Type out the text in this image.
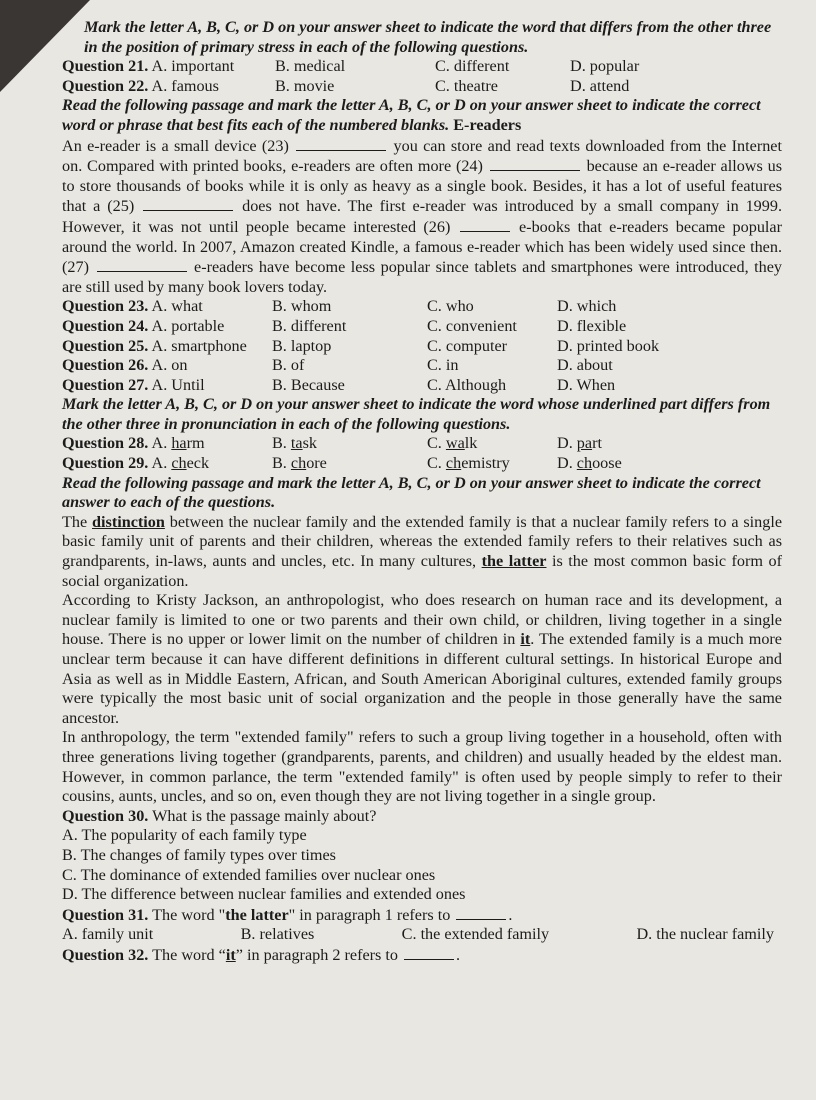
Mark the letter A, B, C, or D on your answer sheet to indicate the word that differs from the other three in the position of primary stress in each of the following questions.
Question 21. A. important	B. medical	C. different	D. popular
Question 22. A. famous	B. movie	C. theatre	D. attend
Read the following passage and mark the letter A, B, C, or D on your answer sheet to indicate the correct word or phrase that best fits each of the numbered blanks. E-readers

An e-reader is a small device (23)	you can store and read texts downloaded from the Internet on. Compared with printed books, e-readers are often more (24)	because an e-reader allows us to store thousands of books while it is only as heavy as a single book. Besides, it has a lot of useful features that a (25)	does not have. The first e-reader was introduced by a small company in 1999. However, it was not until people became interested (26)	e-books that e-readers became popular around the world. In 2007, Amazon created Kindle, a famous e-reader which has been widely used since then. (27)	e-readers have become less popular since tablets and smartphones were introduced, they are still used by many book lovers today.

Question 23. A. what	B. whom	C. who	D. which
Question 24. A. portable	B. different	C. convenient	D. flexible
Question 25. A. smartphone	B. laptop	C. computer	D. printed book
Question 26. A. on	B. of	C. in	D. about
Question 27. A. Until	B. Because	C. Although	D. When
Mark the letter A, B, C, or D on your answer sheet to indicate the word whose underlined part differs from the other three in pronunciation in each of the following questions.
Question 28. A. harm	B. task	C. walk	D. part
Question 29. A. check	B. chore	C. chemistry	D. choose
Read the following passage and mark the letter A, B, C, or D on your answer sheet to indicate the correct answer to each of the questions.

The distinction between the nuclear family and the extended family is that a nuclear family refers to a single basic family unit of parents and their children, whereas the extended family refers to their relatives such as grandparents, in-laws, aunts and uncles, etc. In many cultures, the latter is the most common basic form of social organization.

According to Kristy Jackson, an anthropologist, who does research on human race and its development, a nuclear family is limited to one or two parents and their own child, or children, living together in a single house. There is no upper or lower limit on the number of children in it. The extended family is a much more unclear term because it can have different definitions in different cultural settings. In historical Europe and Asia as well as in Middle Eastern, African, and South American Aboriginal cultures, extended family groups were typically the most basic unit of social organization and the people in those generally have the same ancestor.

In anthropology, the term "extended family" refers to such a group living together in a household, often with three generations living together (grandparents, parents, and children) and usually headed by the eldest man. However, in common parlance, the term "extended family" is often used by people simply to refer to their cousins, aunts, uncles, and so on, even though they are not living together in a single group.

Question 30. What is the passage mainly about?
A. The popularity of each family type
B. The changes of family types over times
C. The dominance of extended families over nuclear ones
D. The difference between nuclear families and extended ones
Question 31. The word "the latter" in paragraph 1 refers to	.
A. family unit	B. relatives	C. the extended family	D. the nuclear family
Question 32. The word “it” in paragraph 2 refers to	.
